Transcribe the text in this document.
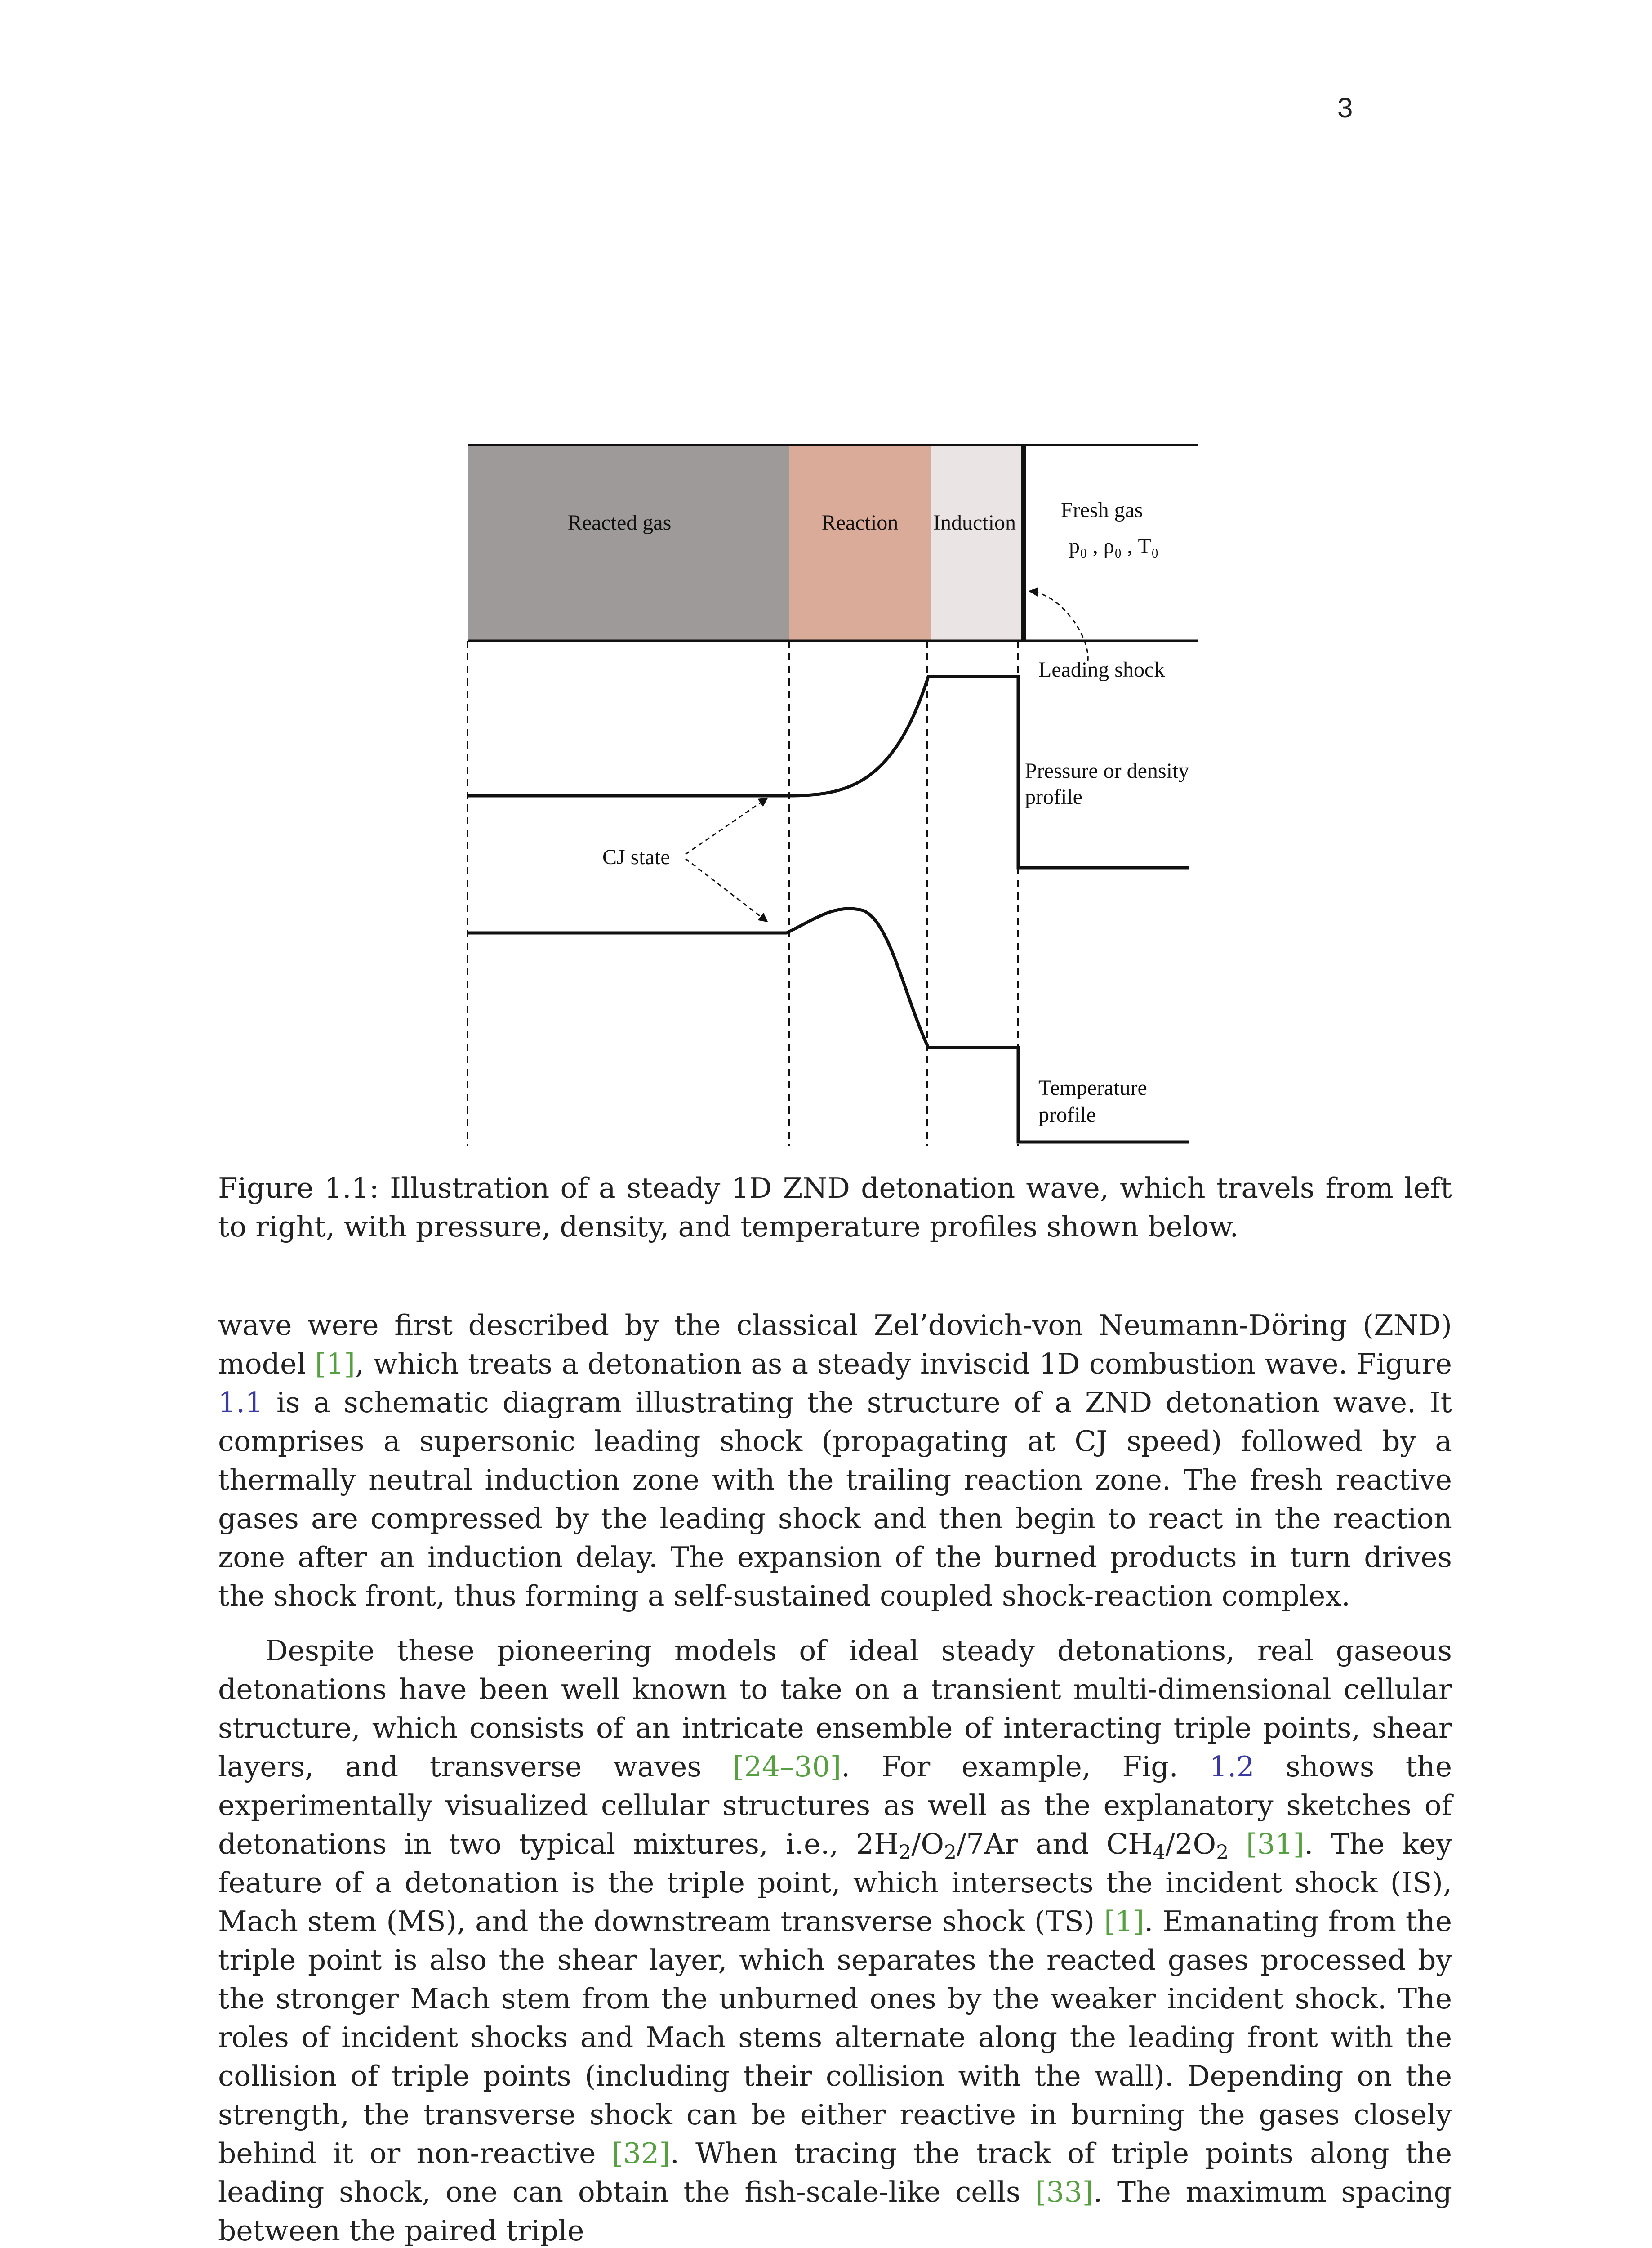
3
Reacted gas	Reaction Induction
Fresh gas
p₀ , ρ₀ , T₀
Leading shock
Pressure or density
profile
CJ state
Temperature
profile
Figure 1.1: Illustration of a steady 1D ZND detonation wave, which travels from left to right, with pressure, density, and temperature profiles shown below.

wave were first described by the classical Zel’dovich-von Neumann-Döring (ZND) model [1], which treats a detonation as a steady inviscid 1D combustion wave. Figure 1.1 is a schematic diagram illustrating the structure of a ZND detonation wave. It comprises a supersonic leading shock (propagating at CJ speed) followed by a thermally neutral induction zone with the trailing reaction zone. The fresh reactive gases are compressed by the leading shock and then begin to react in the reaction zone after an induction delay. The expansion of the burned products in turn drives the shock front, thus forming a self-sustained coupled shock-reaction complex.

Despite these pioneering models of ideal steady detonations, real gaseous detonations have been well known to take on a transient multi-dimensional cellular structure, which consists of an intricate ensemble of interacting triple points, shear layers, and transverse waves [24–30]. For example, Fig. 1.2 shows the experimentally visualized cellular structures as well as the explanatory sketches of detonations in two typical mixtures, i.e., $2H_2/O_2/7Ar$ and $CH_4/2O_2$ [31]. The key feature of a detonation is the triple point, which intersects the incident shock (IS), Mach stem (MS), and the downstream transverse shock (TS) [1]. Emanating from the triple point is also the shear layer, which separates the reacted gases processed by the stronger Mach stem from the unburned ones by the weaker incident shock. The roles of incident shocks and Mach stems alternate along the leading front with the collision of triple points (including their collision with the wall). Depending on the strength, the transverse shock can be either reactive in burning the gases closely behind it or non-reactive [32]. When tracing the track of triple points along the leading shock, one can obtain the fish-scale-like cells [33]. The maximum spacing between the paired triple
